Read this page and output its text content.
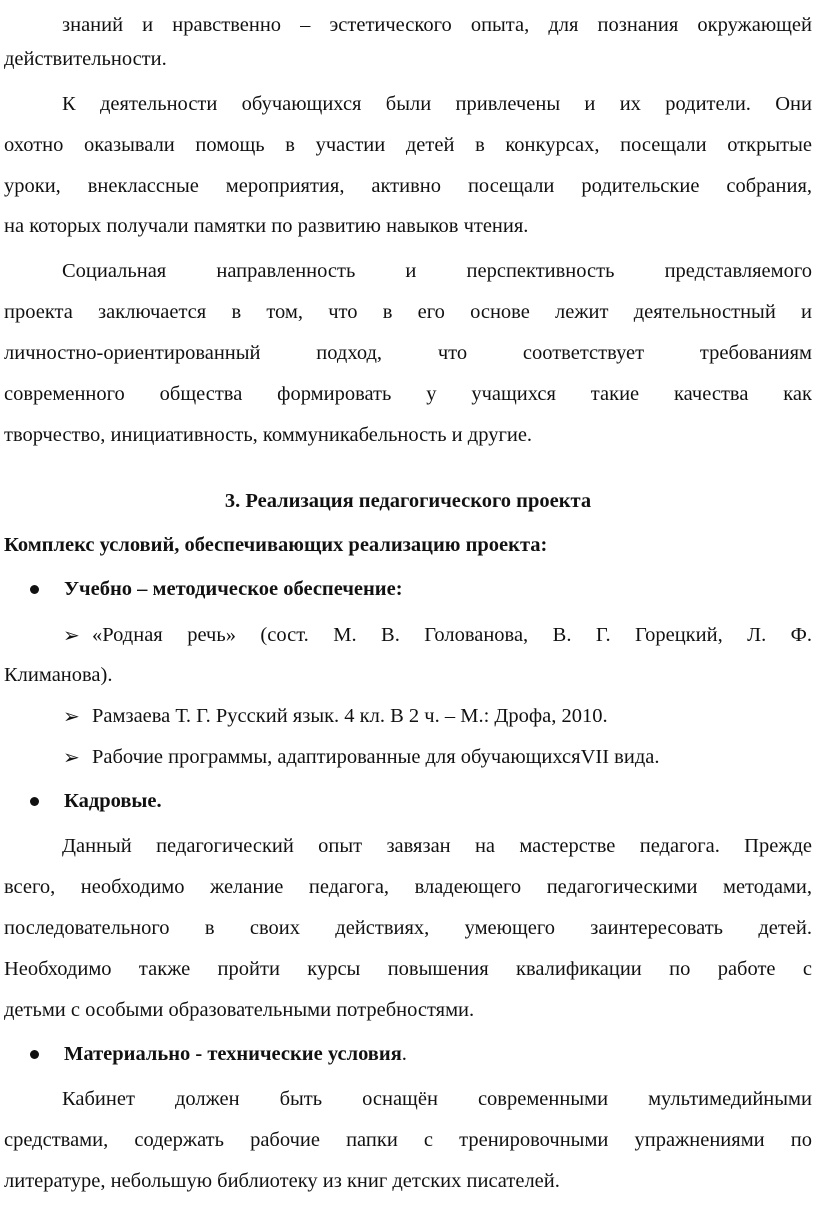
знаний и нравственно – эстетического опыта, для познания окружающей
действительности.
К деятельности обучающихся были привлечены и их родители. Они
охотно оказывали помощь в участии детей в конкурсах, посещали открытые
уроки, внеклассные мероприятия, активно посещали родительские собрания,
на которых получали памятки по развитию навыков чтения.
Социальная направленность и перспективность представляемого
проекта заключается в том, что в его основе лежит деятельностный и
личностно-ориентированный подход, что соответствует требованиям
современного общества формировать у учащихся такие качества как
творчество, инициативность, коммуникабельность и другие.
3. Реализация педагогического проекта
Комплекс условий, обеспечивающих реализацию проекта:
Учебно – методическое обеспечение:
➢ «Родная речь» (сост. М. В. Голованова, В. Г. Горецкий, Л. Ф.
Климанова).
➢ Рамзаева Т. Г. Русский язык. 4 кл. В 2 ч. – М.: Дрофа, 2010.
➢ Рабочие программы, адаптированные для обучающихсяVII вида.
Кадровые.
Данный педагогический опыт завязан на мастерстве педагога. Прежде
всего, необходимо желание педагога, владеющего педагогическими методами,
последовательного в своих действиях, умеющего заинтересовать детей.
Необходимо также пройти курсы повышения квалификации по работе с
детьми с особыми образовательными потребностями.
Материально - технические условия.
Кабинет должен быть оснащён современными мультимедийными
средствами, содержать рабочие папки с тренировочными упражнениями по
литературе, небольшую библиотеку из книг детских писателей.
